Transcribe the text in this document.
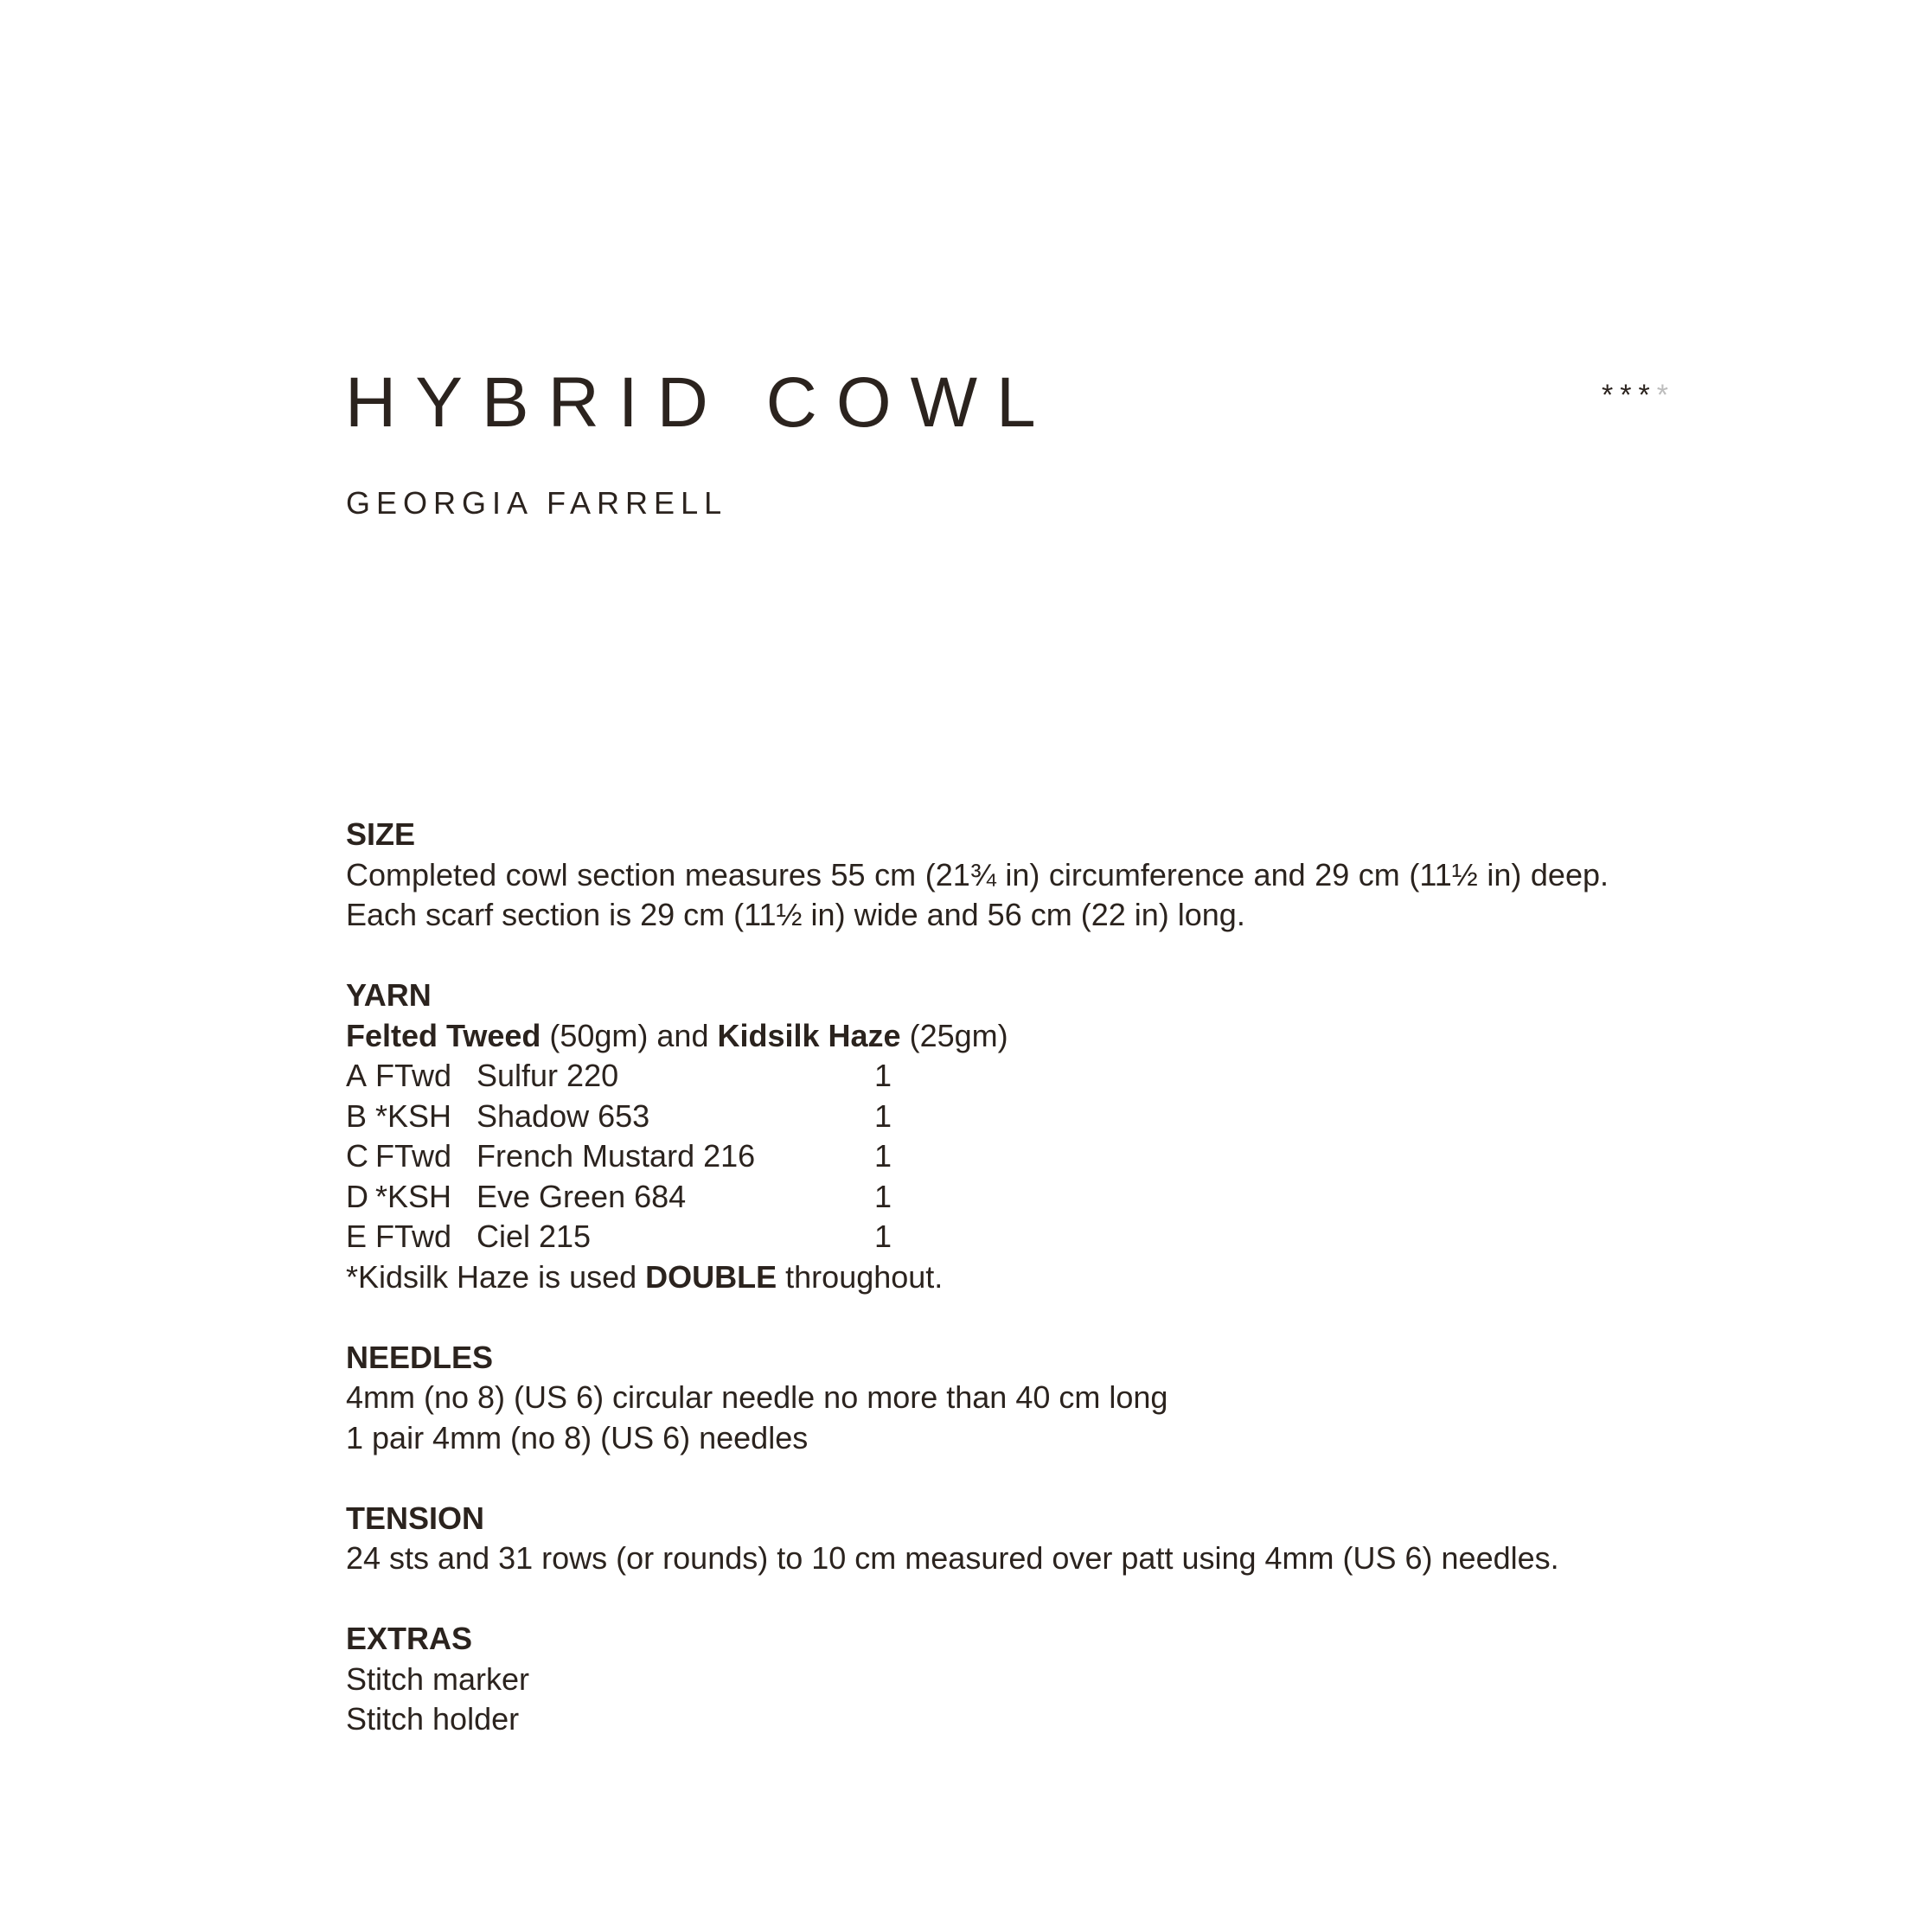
HYBRID COWL	****
GEORGIA FARRELL

SIZE

Completed cowl section measures 55 cm (21¾ in) circumference and 29 cm (11½ in) deep. Each scarf section is 29 cm (11½ in) wide and 56 cm (22 in) long.

YARN

Felted Tweed (50gm) and Kidsilk Haze (25gm)

A	FTwd	Sulfur 220	1
B	*KSH	Shadow 653	1
C	FTwd	French Mustard 216	1
D	*KSH	Eve Green 684	1
E	FTwd	Ciel 215	1

*Kidsilk Haze is used DOUBLE throughout.

NEEDLES

4mm (no 8) (US 6) circular needle no more than 40 cm long

1 pair 4mm (no 8) (US 6) needles

TENSION

24 sts and 31 rows (or rounds) to 10 cm measured over patt using 4mm (US 6) needles.

EXTRAS

Stitch marker

Stitch holder
